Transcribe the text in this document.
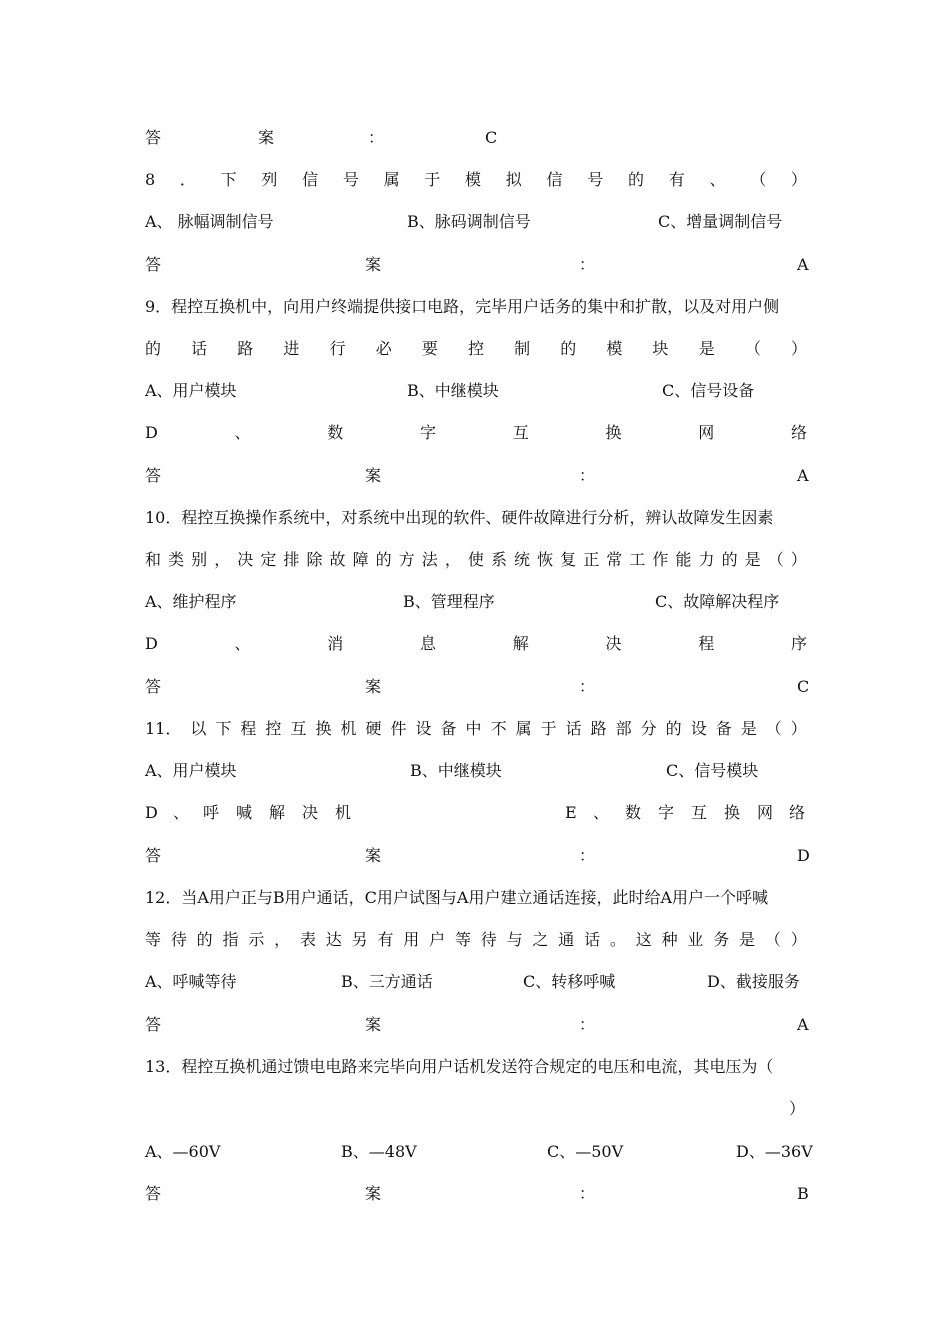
答	案	：	C
8 ． 下 列 信 号 属 于 模 拟 信 号 的 有 、 （ ）
A、 脉幅调制信号	B、脉码调制信号	C、增量调制信号
答	案	：	A
9．程控互换机中，向用户终端提供接口电路，完毕用户话务的集中和扩散，以及对用户侧
的 话 路 进 行 必 要 控 制 的 模 块 是 （ ）
A、用户模块	B、中继模块	C、信号设备
D	、	数	字	互	换	网	络
答	案	：	A
10．程控互换操作系统中，对系统中出现的软件、硬件故障进行分析，辨认故障发生因素
和 类 别 ， 决 定 排 除 故 障 的 方 法 ， 使 系 统 恢 复 正 常 工 作 能 力 的 是 （ ）
A、维护程序	B、管理程序	C、故障解决程序
D	、	消	息	解	决	程	序
答	案	：	C
11． 以 下 程 控 互 换 机 硬 件 设 备 中 不 属 于 话 路 部 分 的 设 备 是 （ ）
A、用户模块	B、中继模块	C、信号模块
D 、 呼 喊 解 决 机	E 、 数 字 互 换 网 络
答	案	：	D
12．当A用户正与B用户通话，C用户试图与A用户建立通话连接，此时给A用户一个呼喊
等 待 的 指 示 ， 表 达 另 有 用 户 等 待 与 之 通 话 。 这 种 业 务 是 （ ）
A、呼喊等待	B、三方通话	C、转移呼喊	D、截接服务
答	案	：	A
13．程控互换机通过馈电电路来完毕向用户话机发送符合规定的电压和电流，其电压为（
）
A、—60V	B、—48V	C、—50V	D、—36V
答	案	：	B
